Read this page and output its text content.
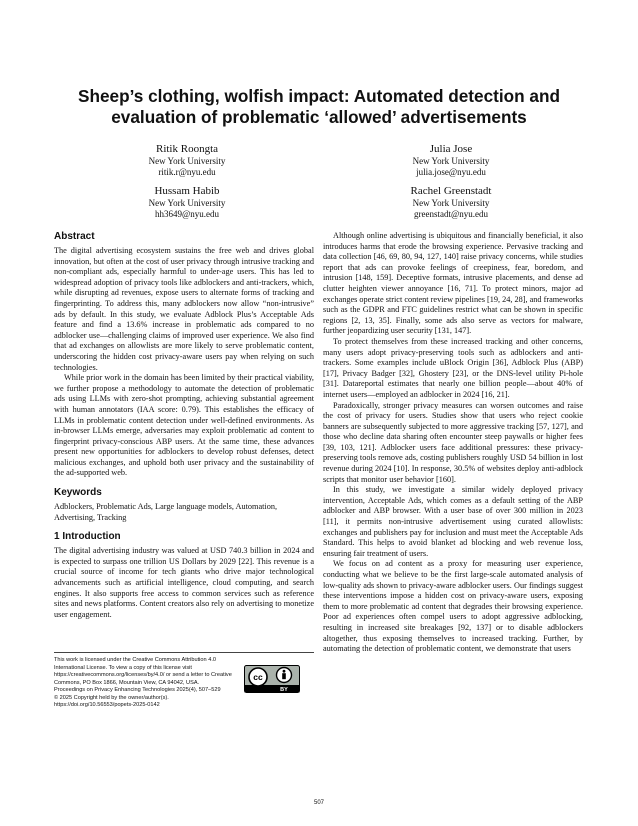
Sheep’s clothing, wolfish impact: Automated detection and
evaluation of problematic ‘allowed’ advertisements
Ritik Roongta
New York University
ritik.r@nyu.edu
Julia Jose
New York University
julia.jose@nyu.edu
Hussam Habib
New York University
hh3649@nyu.edu
Rachel Greenstadt
New York University
greenstadt@nyu.edu
Abstract

The digital advertising ecosystem sustains the free web and drives global innovation, but often at the cost of user privacy through intrusive tracking and non-compliant ads, especially harmful to under-age users. This has led to widespread adoption of privacy tools like adblockers and anti-trackers, which, while disrupting ad revenues, expose users to alternate forms of tracking and fingerprinting. To address this, many adblockers now allow “non-intrusive” ads by default. In this study, we evaluate Adblock Plus’s Acceptable Ads feature and find a 13.6% increase in problematic ads compared to no adblocker use—challenging claims of improved user experience. We also find that ad exchanges on allowlists are more likely to serve problematic content, underscoring the hidden cost privacy-aware users pay when relying on such technologies.

While prior work in the domain has been limited by their practical viability, we further propose a methodology to automate the detection of problematic ads using LLMs with zero-shot prompting, achieving substantial agreement with human annotators (IAA score: 0.79). This establishes the efficacy of LLMs in problematic content detection under well-defined environments. As in-browser LLMs emerge, adversaries may exploit problematic ad content to fingerprint privacy-conscious ABP users. At the same time, these advances present new opportunities for adblockers to develop robust defenses, detect malicious exchanges, and uphold both user privacy and the sustainability of the ad-supported web.

Keywords

Adblockers, Problematic Ads, Large language models, Automation, Advertising, Tracking

1 Introduction

The digital advertising industry was valued at USD 740.3 billion in 2024 and is expected to surpass one trillion US Dollars by 2029 [22]. This revenue is a crucial source of income for tech giants who drive major technological advancements such as artificial intelligence, cloud computing, and search engines. It also supports free access to common services such as reference sites and news platforms. Content creators also rely on advertising to monetize user engagement.

This work is licensed under the Creative Commons Attribution 4.0 International License. To view a copy of this license visit https://creativecommons.org/licenses/by/4.0/ or send a letter to Creative Commons, PO Box 1866, Mountain View, CA 94042, USA.
Proceedings on Privacy Enhancing Technologies 2025(4), 507–529
© 2025 Copyright held by the owner/author(s).
https://doi.org/10.56553/popets-2025-0142
cc
BY

Although online advertising is ubiquitous and financially beneficial, it also introduces harms that erode the browsing experience. Pervasive tracking and data collection [46, 69, 80, 94, 127, 140] raise privacy concerns, while studies report that ads can provoke feelings of creepiness, fear, boredom, and intrusion [148, 159]. Deceptive formats, intrusive placements, and dense ad clutter heighten viewer annoyance [16, 71]. To protect minors, major ad exchanges operate strict content review pipelines [19, 24, 28], and frameworks such as the GDPR and FTC guidelines restrict what can be shown in specific regions [2, 13, 35]. Finally, some ads also serve as vectors for malware, further jeopardizing user security [131, 147].

To protect themselves from these increased tracking and other concerns, many users adopt privacy-preserving tools such as adblockers and anti-trackers. Some examples include uBlock Origin [36], Adblock Plus (ABP) [17], Privacy Badger [32], Ghostery [23], or the DNS-level utility Pi-hole [31]. Datareportal estimates that nearly one billion people—about 40% of internet users—employed an adblocker in 2024 [16, 21].

Paradoxically, stronger privacy measures can worsen outcomes and raise the cost of privacy for users. Studies show that users who reject cookie banners are subsequently subjected to more aggressive tracking [57, 127], and those who decline data sharing often encounter steep paywalls or higher fees [39, 103, 121]. Adblocker users face additional pressures: these privacy-preserving tools remove ads, costing publishers roughly USD 54 billion in lost revenue during 2024 [10]. In response, 30.5% of websites deploy anti-adblock scripts that monitor user behavior [160].

In this study, we investigate a similar widely deployed privacy intervention, Acceptable Ads, which comes as a default setting of the ABP adblocker and ABP browser. With a user base of over 300 million in 2023 [11], it permits non-intrusive advertisement using curated allowlists: exchanges and publishers pay for inclusion and must meet the Acceptable Ads Standard. This helps to avoid blanket ad blocking and web revenue loss, ensuring fair treatment of users.

We focus on ad content as a proxy for measuring user experience, conducting what we believe to be the first large-scale automated analysis of low-quality ads shown to privacy-aware adblocker users. Our findings suggest these interventions impose a hidden cost on privacy-aware users, exposing them to more problematic ad content that degrades their browsing experience. Poor ad experiences often compel users to adopt aggressive adblocking, resulting in increased site breakages [92, 137] or to disable adblockers altogether, thus exposing themselves to increased tracking. Further, by automating the detection of problematic content, we demonstrate that users

507
